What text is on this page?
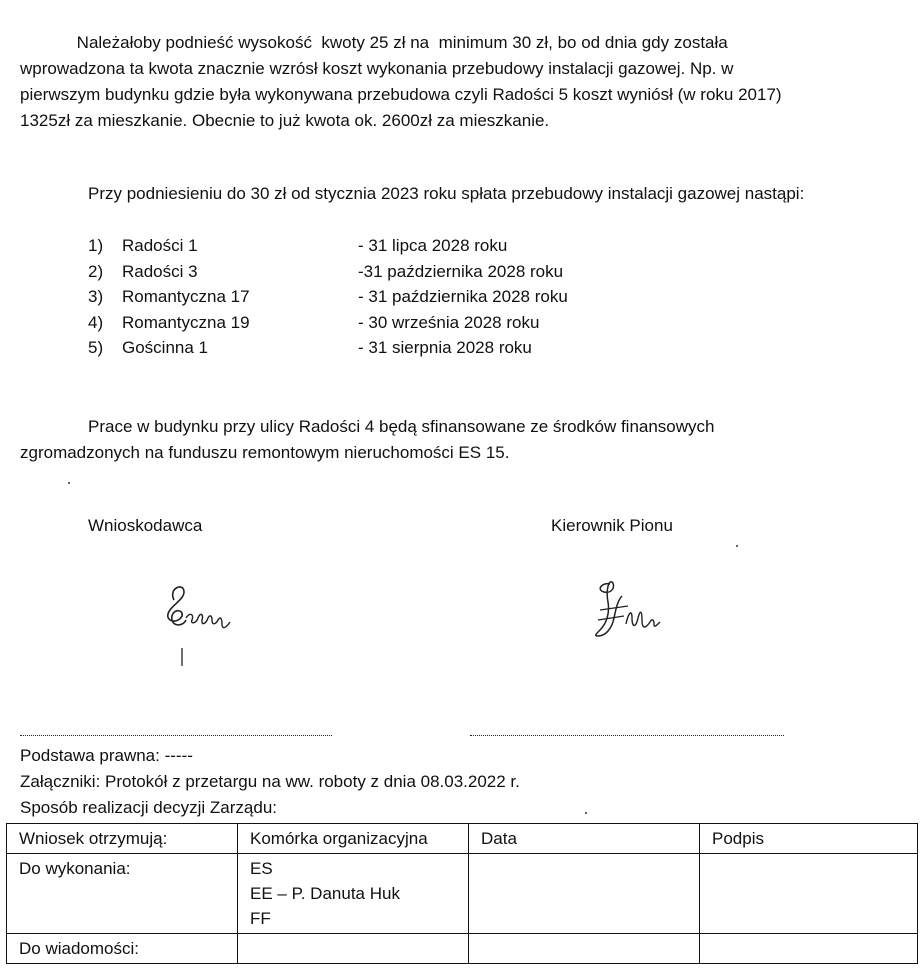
Należałoby podnieść wysokość  kwoty 25 zł na  minimum 30 zł, bo od dnia gdy została
wprowadzona ta kwota znacznie wzrósł koszt wykonania przebudowy instalacji gazowej. Np. w
pierwszym budynku gdzie była wykonywana przebudowa czyli Radości 5 koszt wyniósł (w roku 2017)
1325zł za mieszkanie. Obecnie to już kwota ok. 2600zł za mieszkanie.
Przy podniesieniu do 30 zł od stycznia 2023 roku spłata przebudowy instalacji gazowej nastąpi:
1)	Radości 1	- 31 lipca 2028 roku
2)	Radości 3	-31 października 2028 roku
3)	Romantyczna 17	- 31 października 2028 roku
4)	Romantyczna 19	- 30 września 2028 roku
5)	Gościnna 1	- 31 sierpnia 2028 roku
Prace w budynku przy ulicy Radości 4 będą sfinansowane ze środków finansowych
zgromadzonych na funduszu remontowym nieruchomości ES 15.
Wnioskodawca	Kierownik Pionu
Podstawa prawna: -----
Załączniki: Protokół z przetargu na ww. roboty z dnia 08.03.2022 r.
Sposób realizacji decyzji Zarządu:
Wniosek otrzymują:	Komórka organizacyjna	Data	Podpis
Do wykonania:	ES
EE – P. Danuta Huk
FF		

Do wiadomości:			
